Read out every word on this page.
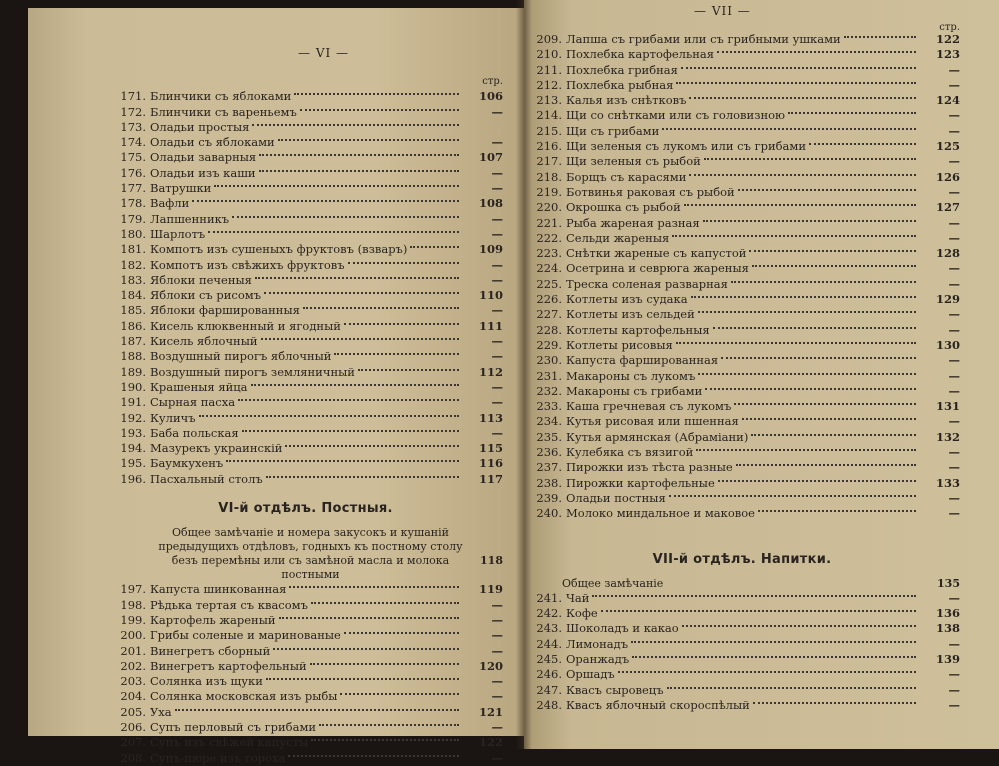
— VI —
стр.
171. Блинчики съ яблоками	106
172. Блинчики съ вареньемъ	—
173. Оладьи простыя
174. Оладьи съ яблоками	—
175. Оладьи заварныя	107
176. Оладьи изъ каши	—
177. Ватрушки	—
178. Вафли	108
179. Лапшенникъ	—
180. Шарлотъ	—
181. Компотъ изъ сушеныхъ фруктовъ (взваръ)	109
182. Компотъ изъ свѣжихъ фруктовъ	—
183. Яблоки печеныя	—
184. Яблоки съ рисомъ	110
185. Яблоки фаршированныя	—
186. Кисель клюквенный и ягодный	111
187. Кисель яблочный	—
188. Воздушный пирогъ яблочный	—
189. Воздушный пирогъ земляничный	112
190. Крашеныя яйца	—
191. Сырная пасха	—
192. Куличъ	113
193. Баба польская	—
194. Мазурекъ украинскій	115
195. Баумкухенъ	116
196. Пасхальный столъ	117
VI-й отдѣлъ. Постныя.
Общее замѣчаніе и номера закусокъ и кушаній предыдущихъ отдѣловъ, годныхъ къ постному столу безъ перемѣны или съ замѣной масла и молока постными
118
197. Капуста шинкованная	119
198. Рѣдька тертая съ квасомъ	—
199. Картофель жареный	—
200. Грибы соленые и маринованые	—
201. Винегретъ сборный	—
202. Винегретъ картофельный	120
203. Солянка изъ щуки	—
204. Солянка московская изъ рыбы	—
205. Уха	121
206. Супъ перловый съ грибами	—
207. Супъ изъ свѣжей капусты	122
208. Супъ-пюре изъ гороха	—
— VII —
стр.
209. Лапша съ грибами или съ грибными ушками	122
210. Похлебка картофельная	123
211. Похлебка грибная	—
212. Похлебка рыбная	—
213. Калья изъ снѣтковъ	124
214. Щи со снѣтками или съ головизною	—
215. Щи съ грибами	—
216. Щи зеленыя съ лукомъ или съ грибами	125
217. Щи зеленыя съ рыбой	—
218. Борщъ съ карасями	126
219. Ботвинья раковая съ рыбой	—
220. Окрошка съ рыбой	127
221. Рыба жареная разная	—
222. Сельди жареныя	—
223. Снѣтки жареные съ капустой	128
224. Осетрина и севрюга жареныя	—
225. Треска соленая разварная	—
226. Котлеты изъ судака	129
227. Котлеты изъ сельдей	—
228. Котлеты картофельныя	—
229. Котлеты рисовыя	130
230. Капуста фаршированная	—
231. Макароны съ лукомъ	—
232. Макароны съ грибами	—
233. Каша гречневая съ лукомъ	131
234. Кутья рисовая или пшенная	—
235. Кутья армянская (Абраміани)	132
236. Кулебяка съ вязигой	—
237. Пирожки изъ тѣста разные	—
238. Пирожки картофельные	133
239. Оладьи постныя	—
240. Молоко миндальное и маковое	—
VII-й отдѣлъ. Напитки.
Общее замѣчаніе	135
241. Чай	—
242. Кофе	136
243. Шоколадъ и какао	138
244. Лимонадъ	—
245. Оранжадъ	139
246. Оршадъ	—
247. Квасъ сыровецъ	—
248. Квасъ яблочный скороспѣлый	—
